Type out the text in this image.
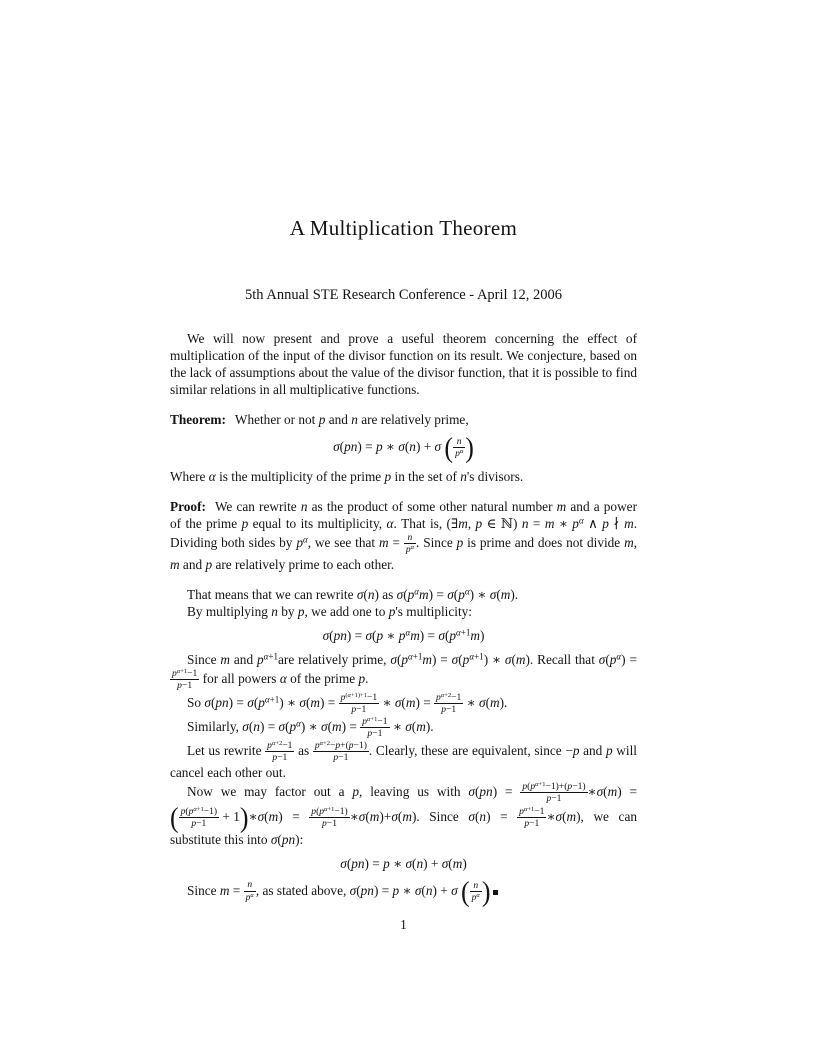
A Multiplication Theorem
5th Annual STE Research Conference - April 12, 2006

We will now present and prove a useful theorem concerning the effect of multiplication of the input of the divisor function on its result. We conjecture, based on the lack of assumptions about the value of the divisor function, that it is possible to find similar relations in all multiplicative functions.

Theorem: Whether or not p and n are relatively prime,

σ(pn) = p ∗ σ(n) + σ ( $\frac{n}{p^\alpha}$ )

Where α is the multiplicity of the prime p in the set of n's divisors.

Proof: We can rewrite n as the product of some other natural number m and a power of the prime p equal to its multiplicity, α. That is, (∃m, p ∈ ℕ) n = m ∗ $p^\alpha$ ∧ p ∤ m. Dividing both sides by $p^\alpha$, we see that $m = \frac{n}{p^\alpha}$ . Since p is prime and does not divide m, m and p are relatively prime to each other.

That means that we can rewrite σ(n) as $\sigma(p^\alpha m) = \sigma(p^\alpha)$ ∗ σ(m).

By multiplying n by p, we add one to p's multiplicity:

σ(pn) = σ(p ∗ $p^\alpha m) = \sigma(p^{\alpha+1}m)$

Since m and $p^{\alpha+1}are$ relatively prime, $\sigma(p^{\alpha+1}m) = \sigma(p^{\alpha+1})$ ∗ σ(m). Recall that $\sigma(p^\alpha)$ =
$\frac{p^{\alpha+1}-1}{p-1}$ for all powers α of the prime p.

So $\sigma(pn) = \sigma(p^{\alpha+1})$ ∗ $\sigma(m) = \frac{p^{(\alpha+1)+1}-1}{p-1}$ ∗ $\sigma(m) = \frac{p^{\alpha+2}-1}{p-1}$ ∗ σ(m).

Similarly, $\sigma(n) = \sigma(p^\alpha)$ ∗ $\sigma(m) = \frac{p^{\alpha+1}-1}{p-1}$ ∗ σ(m).

Let us rewrite $\frac{p^{\alpha+2}-1}{p-1}$ as $\frac{p^{\alpha+2}-p+(p-1)}{p-1}$ . Clearly, these are equivalent, since −p and p will cancel each other out.

Now we may factor out a p, leaving us with $\sigma(pn) = \frac{p(p^{\alpha+1}-1)+(p-1)}{p-1}$ ∗σ(m) =
( $\frac{p(p^{\alpha+1}-1)}{p-1} + 1$ ) ∗σ(m) = $\frac{p(p^{\alpha+1}-1)}{p-1}$ ∗σ(m)+σ(m). Since $\sigma(n) = \frac{p^{\alpha+1}-1}{p-1}$ ∗σ(m), we can substitute this into σ(pn):

σ(pn) = p ∗ σ(n) + σ(m)

Since $m = \frac{n}{p^\alpha}$ , as stated above, σ(pn) = p ∗ σ(n) + σ ( $\frac{n}{p^\alpha}$ )

1
